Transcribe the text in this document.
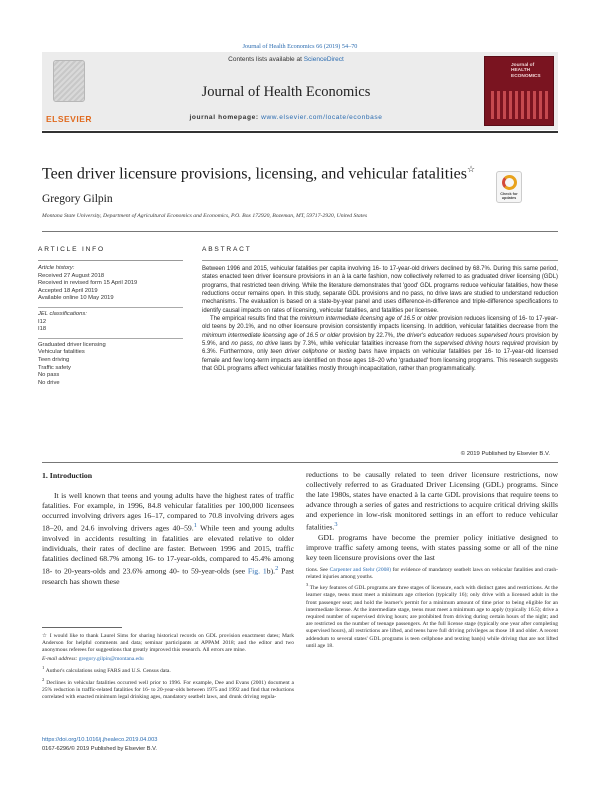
Journal of Health Economics 66 (2019) 54–70
ELSEVIER
Contents lists available at ScienceDirect
Journal of Health Economics
journal homepage: www.elsevier.com/locate/econbase
Journal of HEALTH ECONOMICS
Teen driver licensure provisions, licensing, and vehicular fatalities☆
Check for updates
Gregory Gilpin
Montana State University, Department of Agricultural Economics and Economics, P.O. Box 172920, Bozeman, MT, 59717-2920, United States
ARTICLE INFO	ABSTRACT
Article history:
Received 27 August 2018
Received in revised form 15 April 2019
Accepted 18 April 2019
Available online 10 May 2019
JEL classifications:
I12
I18
Graduated driver licensing
Vehicular fatalities
Teen driving
Traffic safety
No pass
No drive

Between 1996 and 2015, vehicular fatalities per capita involving 16- to 17-year-old drivers declined by 68.7%. During this same period, states enacted teen driver licensure provisions in an à la carte fashion, now collectively referred to as graduated driver licensing (GDL) programs, that restricted teen driving. While the literature demonstrates that 'good' GDL programs reduce vehicular fatalities, how these reductions occur remains open. In this study, separate GDL provisions and no pass, no drive laws are studied to understand reduction mechanisms. The evaluation is based on a state-by-year panel and uses difference-in-difference and triple-difference specifications to identify causal impacts on rates of licensing, vehicular fatalities, and fatalities per licensee.

The empirical results find that the minimum intermediate licensing age of 16.5 or older provision reduces licensing of 16- to 17-year-old teens by 20.1%, and no other licensure provision consistently impacts licensing. In addition, vehicular fatalities decrease from the minimum intermediate licensing age of 16.5 or older provision by 22.7%, the driver's education reduces supervised hours provision by 5.9%, and no pass, no drive laws by 7.3%, while vehicular fatalities increase from the supervised driving hours required provision by 6.3%. Furthermore, only teen driver cellphone or texting bans have impacts on vehicular fatalities per 16- to 17-year-old licensed female and few long-term impacts are identified on those ages 18–20 who 'graduated' from licensing programs. This research suggests that GDL programs affect vehicular fatalities mostly through incapacitation, rather than programmatically.

© 2019 Published by Elsevier B.V.
1. Introduction

It is well known that teens and young adults have the highest rates of traffic fatalities. For example, in 1996, 84.8 vehicular fatalities per 100,000 licensees occurred involving drivers ages 16–17, compared to 70.8 involving drivers ages 18–20, and 24.6 involving drivers ages 40–59.$^1$ While teen and young adults involved in accidents resulting in fatalities are elevated relative to older individuals, their rates of decline are faster. Between 1996 and 2015, traffic fatalities declined 68.7% among 16- to 17-year-olds, compared to 45.4% among 18- to 20-years-olds and 23.6% among 40- to 59-year-olds (see Fig. 1b).$^2$ Past research has shown these

reductions to be causally related to teen driver licensure restrictions, now collectively referred to as Graduated Driver Licensing (GDL) programs. Since the late 1980s, states have enacted à la carte GDL provisions that require teens to advance through a series of gates and restrictions to acquire critical driving skills and experience in low-risk monitored settings in an effort to reduce vehicular fatalities.$^3$

GDL programs have become the premier policy initiative designed to improve traffic safety among teens, with states passing some or all of the nine key teen licensure provisions over the last

☆ I would like to thank Laurel Sims for sharing historical records on GDL provision enactment dates; Mark Anderson for helpful comments and data; seminar participants at APPAM 2018; and the editor and two anonymous referees for suggestions that greatly improved this research. All errors are mine.

E-mail address: gregory.gilpin@montana.edu

$^1$ Author's calculations using FARS and U.S. Census data.

$^2$ Declines in vehicular fatalities occurred well prior to 1996. For example, Dee and Evans (2001) document a 25% reduction in traffic-related fatalities for 16- to 20-year-olds between 1975 and 1992 and find that reductions correlated with enacted minimum legal drinking ages, mandatory seatbelt laws, and drunk driving regula-

tions. See Carpenter and Stehr (2008) for evidence of mandatory seatbelt laws on vehicular fatalities and crash-related injuries among youths.

$^3$ The key features of GDL programs are three stages of licensure, each with distinct gates and restrictions. At the learner stage, teens must meet a minimum age criterion (typically 16); only drive with a licensed adult in the front passenger seat; and hold the learner's permit for a minimum amount of time prior to being eligible for an intermediate license. At the intermediate stage, teens must meet a minimum age to apply (typically 16.5); drive a required number of supervised driving hours; are prohibited from driving during certain hours of the night; and are restricted on the number of teenage passengers. At the full license stage (typically one year after completing supervised hours), all restrictions are lifted, and teens have full driving privileges as those 18 and older. A recent addendum to several states' GDL programs is teen cellphone and texting ban(s) while driving that are not lifted until age 18.

https://doi.org/10.1016/j.jhealeco.2019.04.003
0167-6296/© 2019 Published by Elsevier B.V.
